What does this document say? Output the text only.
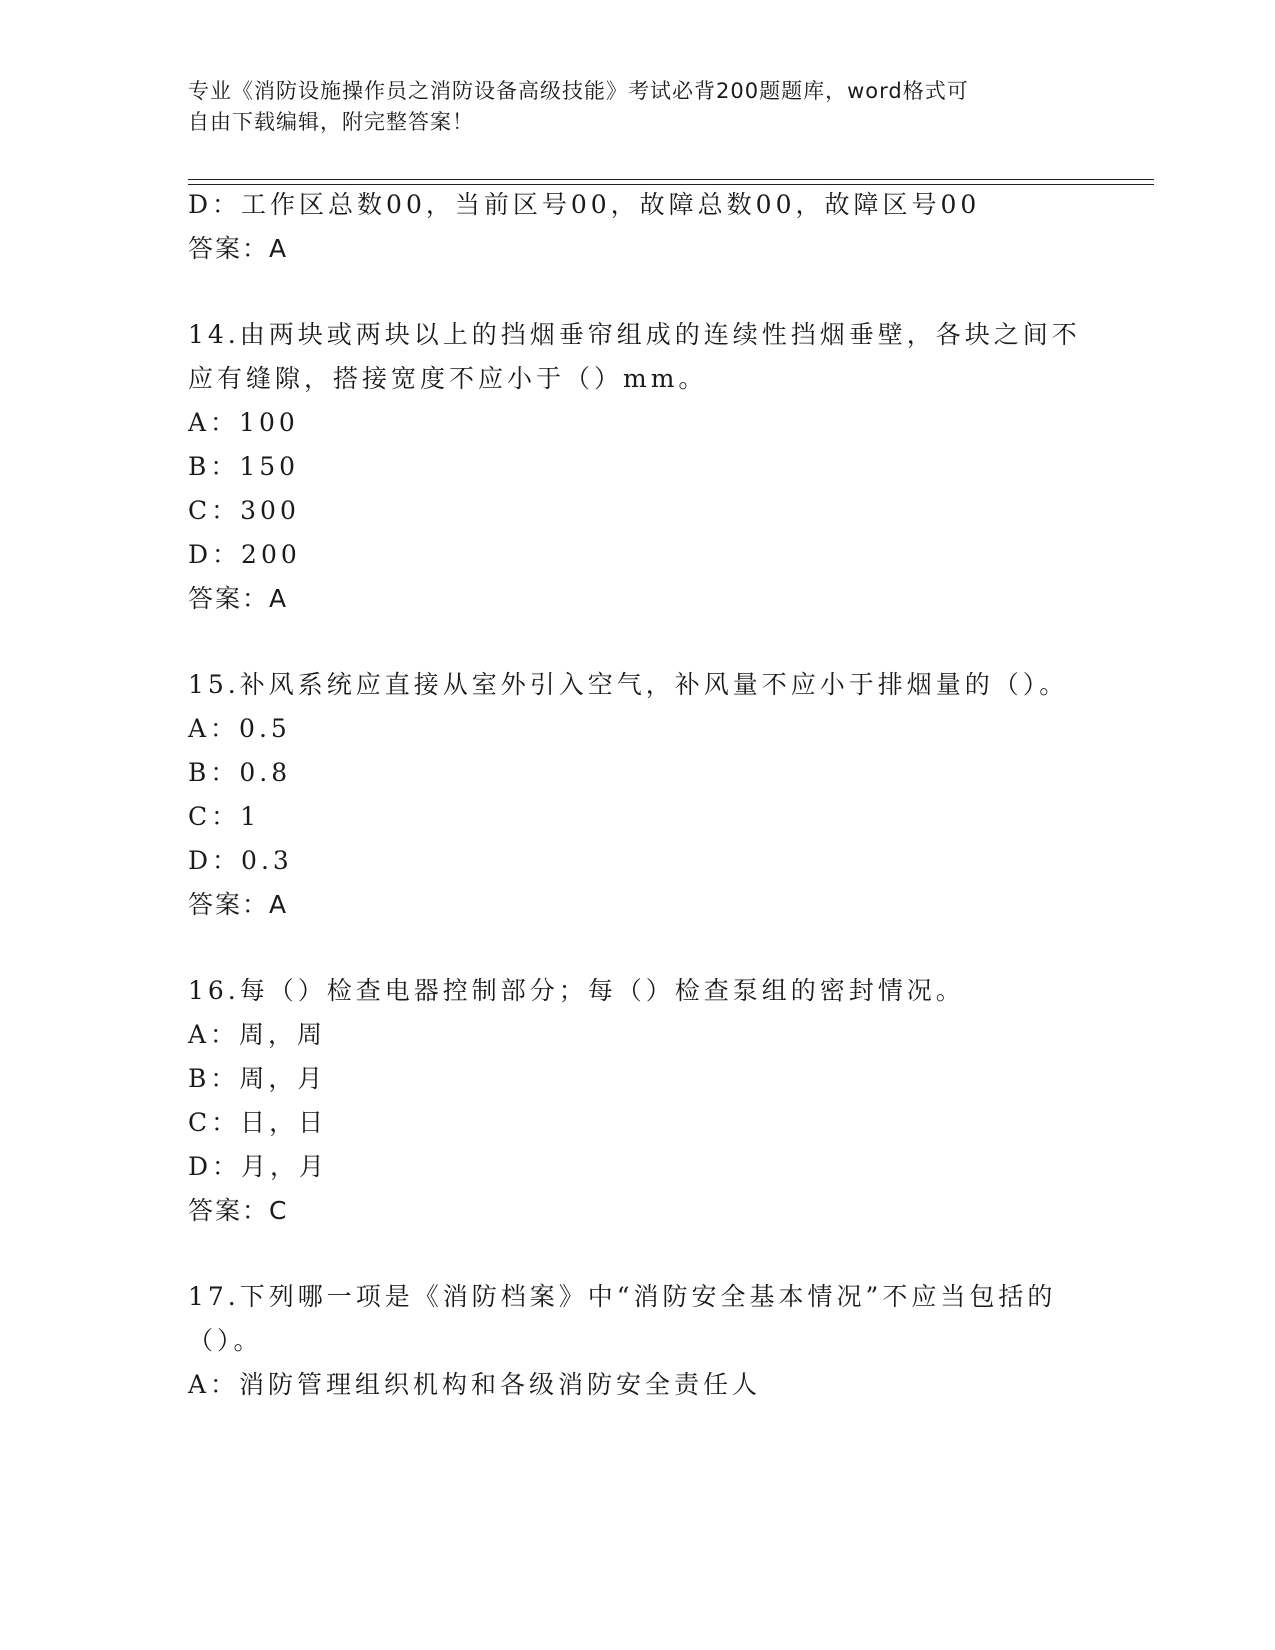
专业《消防设施操作员之消防设备高级技能》考试必背200题题库，word格式可
自由下载编辑，附完整答案！
D：工作区总数00，当前区号00，故障总数00，故障区号00
答案：A
14.由两块或两块以上的挡烟垂帘组成的连续性挡烟垂壁，各块之间不
应有缝隙，搭接宽度不应小于（）mm。
A：100
B：150
C：300
D：200
答案：A
15.补风系统应直接从室外引入空气，补风量不应小于排烟量的（）。
A：0.5
B：0.8
C：1
D：0.3
答案：A
16.每（）检查电器控制部分；每（）检查泵组的密封情况。
A：周，周
B：周，月
C：日，日
D：月，月
答案：C
17.下列哪一项是《消防档案》中“消防安全基本情况”不应当包括的
（）。
A：消防管理组织机构和各级消防安全责任人
